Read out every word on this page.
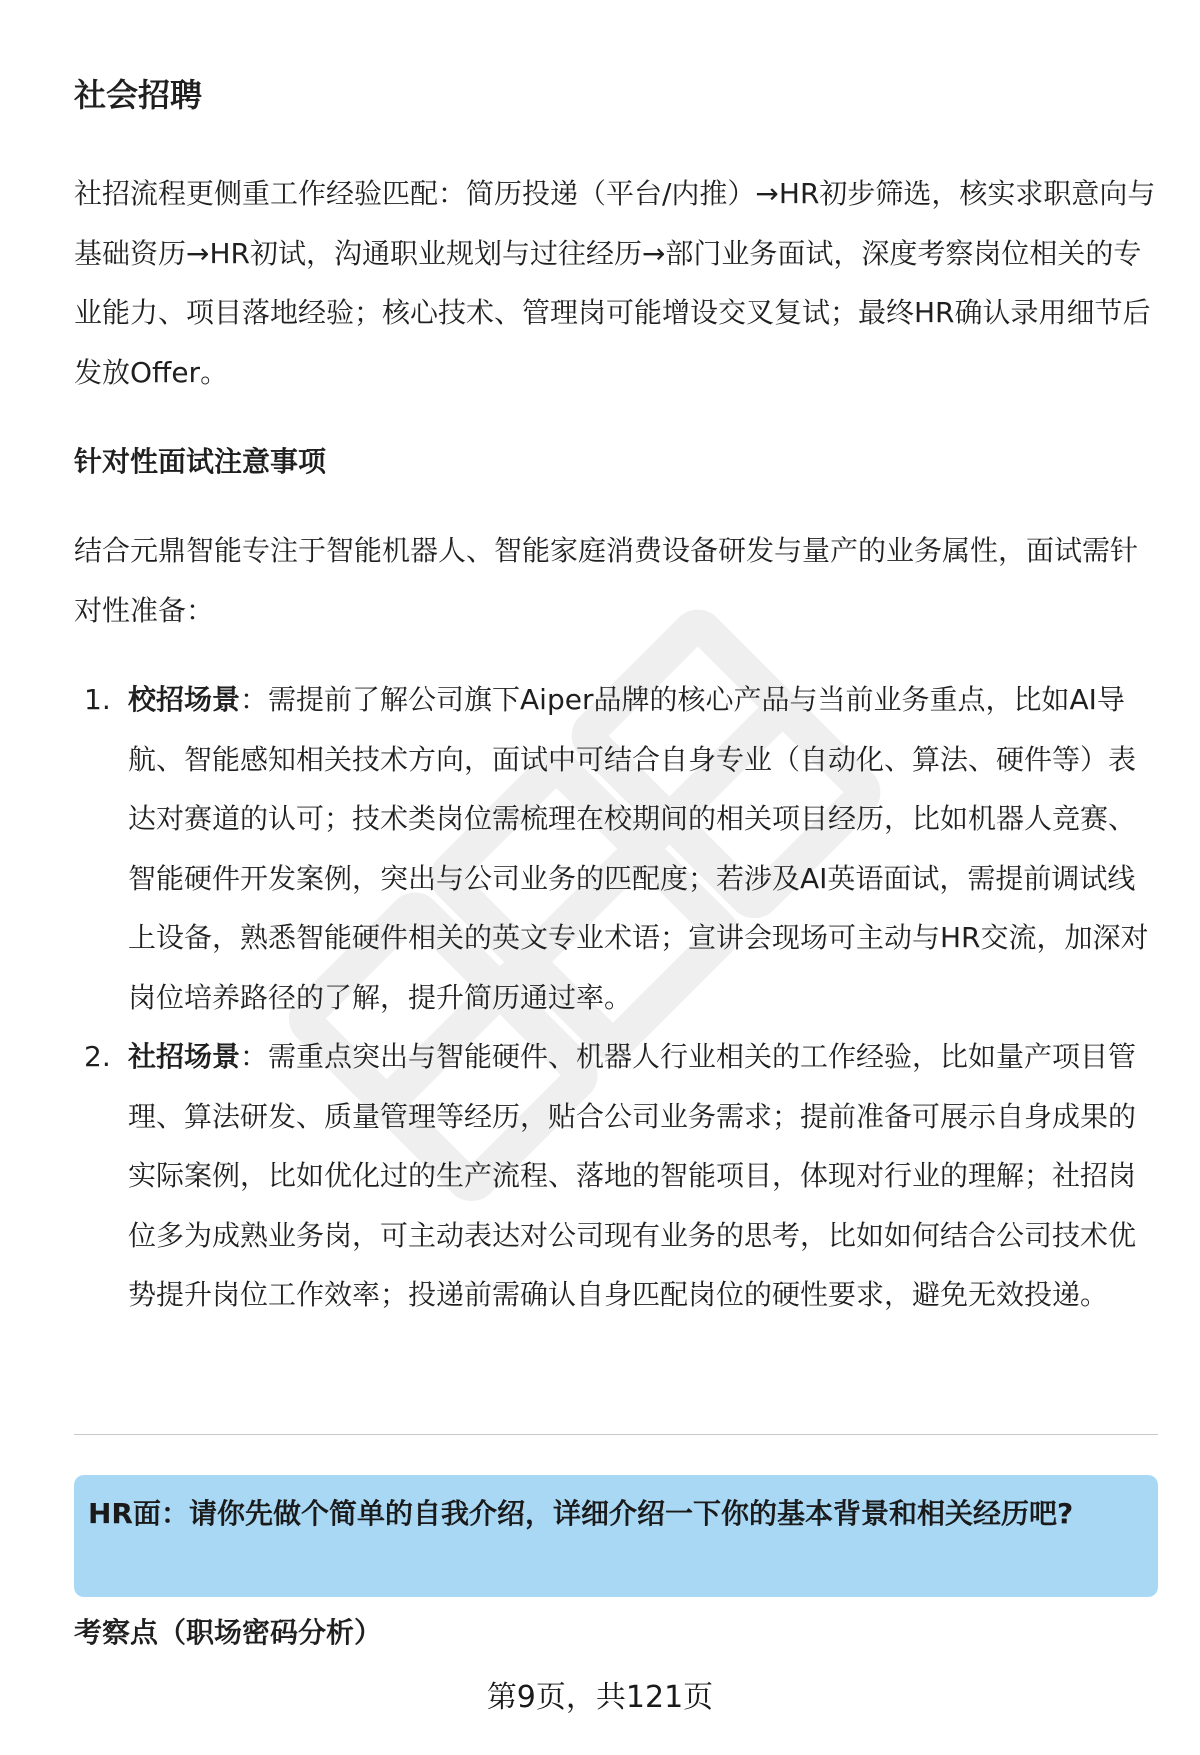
社会招聘

社招流程更侧重工作经验匹配：简历投递（平台/内推）→HR初步筛选，核实求职意向与基础资历→HR初试，沟通职业规划与过往经历→部门业务面试，深度考察岗位相关的专业能力、项目落地经验；核心技术、管理岗可能增设交叉复试；最终HR确认录用细节后发放Offer。

针对性面试注意事项

结合元鼎智能专注于智能机器人、智能家庭消费设备研发与量产的业务属性，面试需针对性准备：

1. 校招场景：需提前了解公司旗下Aiper品牌的核心产品与当前业务重点，比如AI导航、智能感知相关技术方向，面试中可结合自身专业（自动化、算法、硬件等）表达对赛道的认可；技术类岗位需梳理在校期间的相关项目经历，比如机器人竞赛、智能硬件开发案例，突出与公司业务的匹配度；若涉及AI英语面试，需提前调试线上设备，熟悉智能硬件相关的英文专业术语；宣讲会现场可主动与HR交流，加深对岗位培养路径的了解，提升简历通过率。
2. 社招场景：需重点突出与智能硬件、机器人行业相关的工作经验，比如量产项目管理、算法研发、质量管理等经历，贴合公司业务需求；提前准备可展示自身成果的实际案例，比如优化过的生产流程、落地的智能项目，体现对行业的理解；社招岗位多为成熟业务岗，可主动表达对公司现有业务的思考，比如如何结合公司技术优势提升岗位工作效率；投递前需确认自身匹配岗位的硬性要求，避免无效投递。
HR面：请你先做个简单的自我介绍，详细介绍一下你的基本背景和相关经历吧?
考察点（职场密码分析）
第9页，共121页
